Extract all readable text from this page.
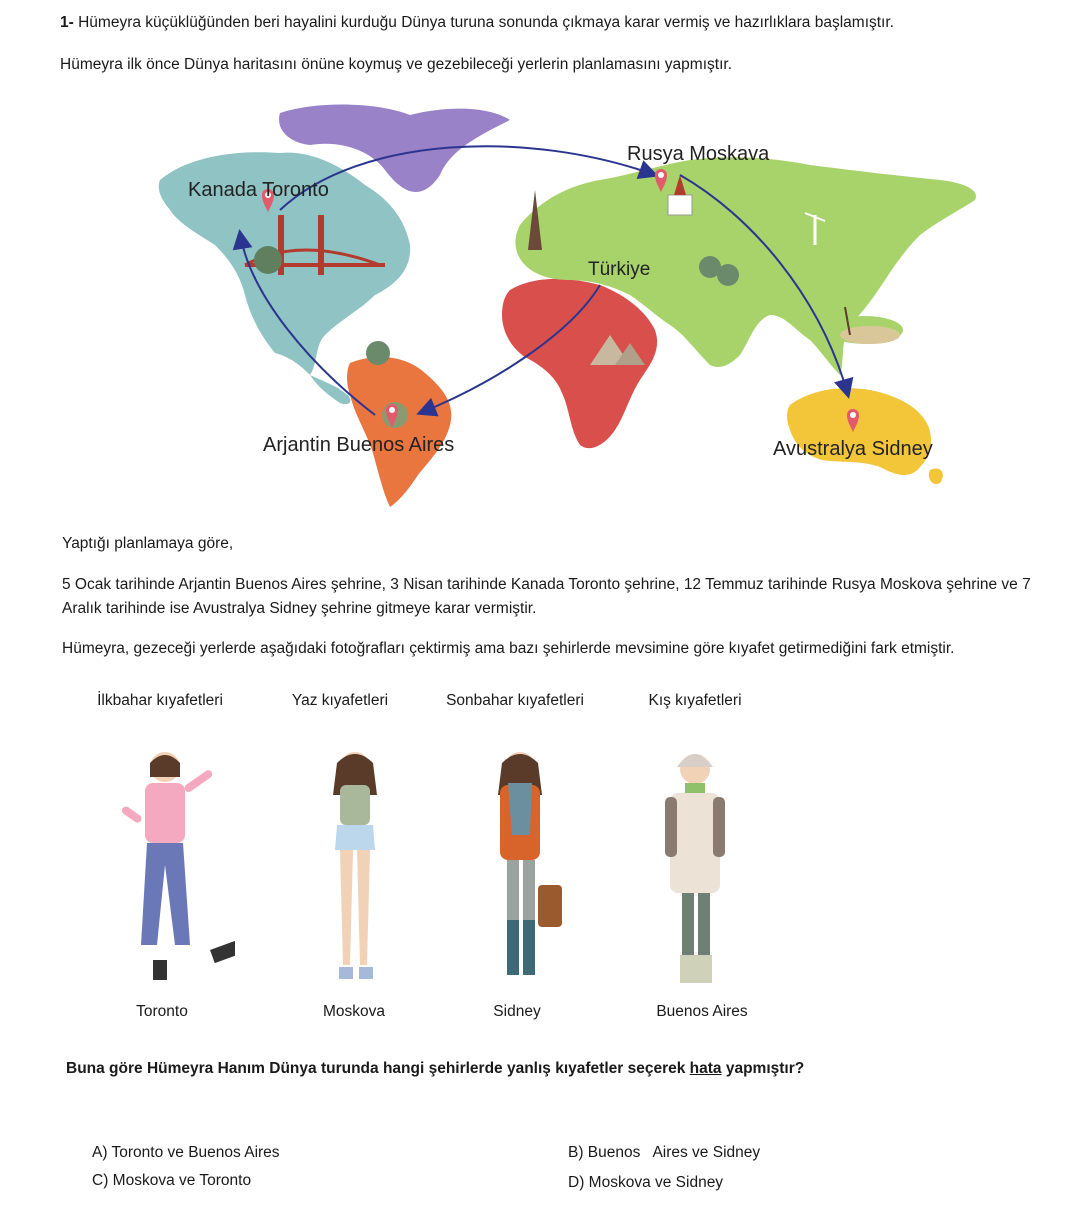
1- Hümeyra küçüklüğünden beri hayalini kurduğu Dünya turuna sonunda çıkmaya karar vermiş ve hazırlıklara başlamıştır.
Hümeyra ilk önce Dünya haritasını önüne koymuş ve gezebileceği yerlerin planlamasını yapmıştır.
Kanada Toronto
Rusya Moskava
Türkiye
Arjantin Buenos Aires	Avustralya Sidney
Yaptığı planlamaya göre,
5 Ocak tarihinde Arjantin Buenos Aires şehrine, 3 Nisan tarihinde Kanada Toronto şehrine, 12 Temmuz tarihinde Rusya Moskova şehrine ve 7 Aralık tarihinde ise Avustralya Sidney şehrine gitmeye karar vermiştir.
Hümeyra, gezeceği yerlerde aşağıdaki fotoğrafları çektirmiş ama bazı şehirlerde mevsimine göre kıyafet getirmediğini fark etmiştir.
İlkbahar kıyafetleri	Yaz kıyafetleri	Sonbahar kıyafetleri	Kış kıyafetleri
Toronto	Moskova	Sidney	Buenos Aires
Buna göre Hümeyra Hanım Dünya turunda hangi şehirlerde yanlış kıyafetler seçerek hata yapmıştır?
A) Toronto ve Buenos Aires	B) Buenos   Aires ve Sidney
C) Moskova ve Toronto	D) Moskova ve Sidney
